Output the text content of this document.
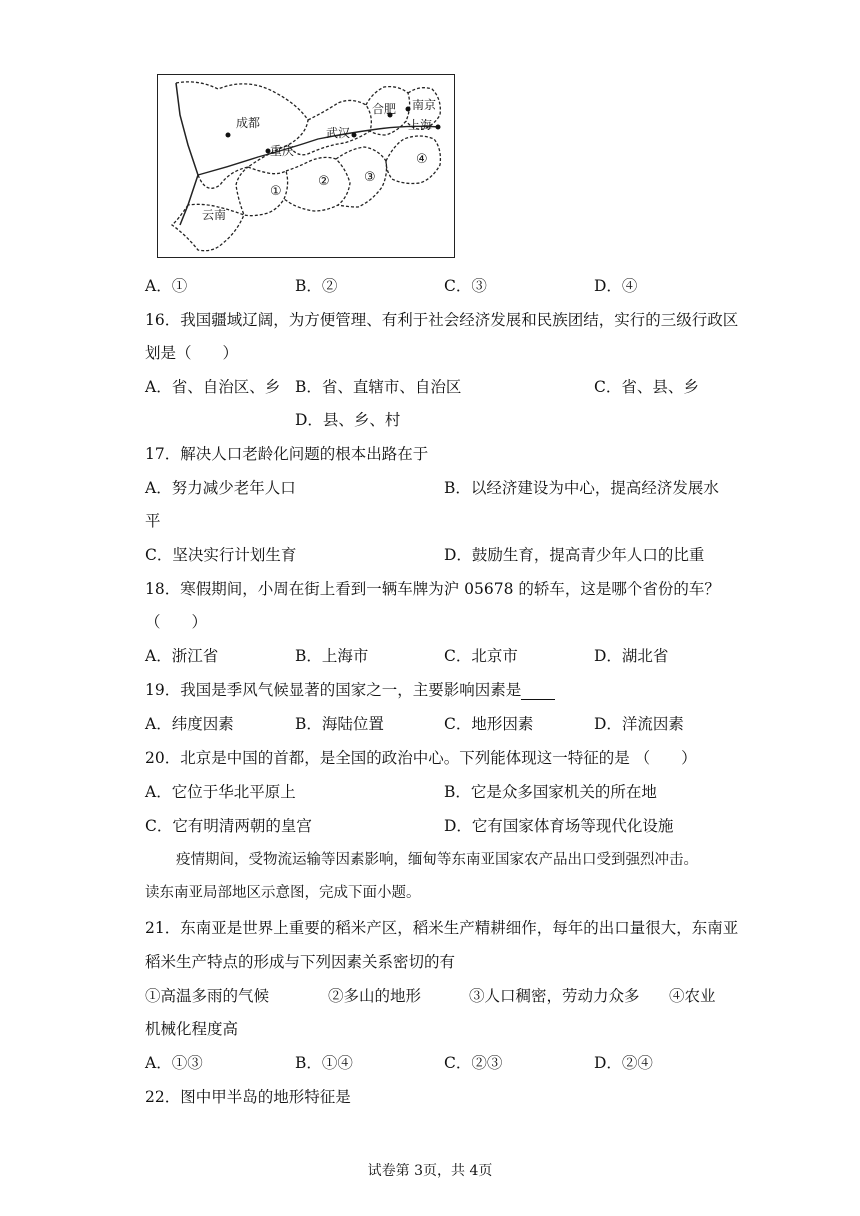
成都
重庆
武汉
合肥 南京
上海
云南
①
②	③
④
A．①	B．②	C．③	D．④
16．我国疆域辽阔，为方便管理、有利于社会经济发展和民族团结，实行的三级行政区
划是（　　）
A．省、自治区、乡 B．省、直辖市、自治区	C．省、县、乡
D．县、乡、村
17．解决人口老龄化问题的根本出路在于
A．努力减少老年人口	B．以经济建设为中心，提高经济发展水
平
C．坚决实行计划生育	D．鼓励生育，提高青少年人口的比重
18．寒假期间，小周在街上看到一辆车牌为沪 05678 的轿车，这是哪个省份的车？
（　　）
A．浙江省	B．上海市	C．北京市	D．湖北省
19．我国是季风气候显著的国家之一，主要影响因素是
A．纬度因素	B．海陆位置	C．地形因素	D．洋流因素
20．北京是中国的首都，是全国的政治中心。下列能体现这一特征的是 （　　）
A．它位于华北平原上	B．它是众多国家机关的所在地
C．它有明清两朝的皇宫	D．它有国家体育场等现代化设施
疫情期间，受物流运输等因素影响，缅甸等东南亚国家农产品出口受到强烈冲击。
读东南亚局部地区示意图，完成下面小题。
21．东南亚是世界上重要的稻米产区，稻米生产精耕细作，每年的出口量很大，东南亚
稻米生产特点的形成与下列因素关系密切的有
①高温多雨的气候	②多山的地形	③人口稠密，劳动力众多 ④农业
机械化程度高
A．①③	B．①④	C．②③	D．②④
22．图中甲半岛的地形特征是
试卷第 3页，共 4页
